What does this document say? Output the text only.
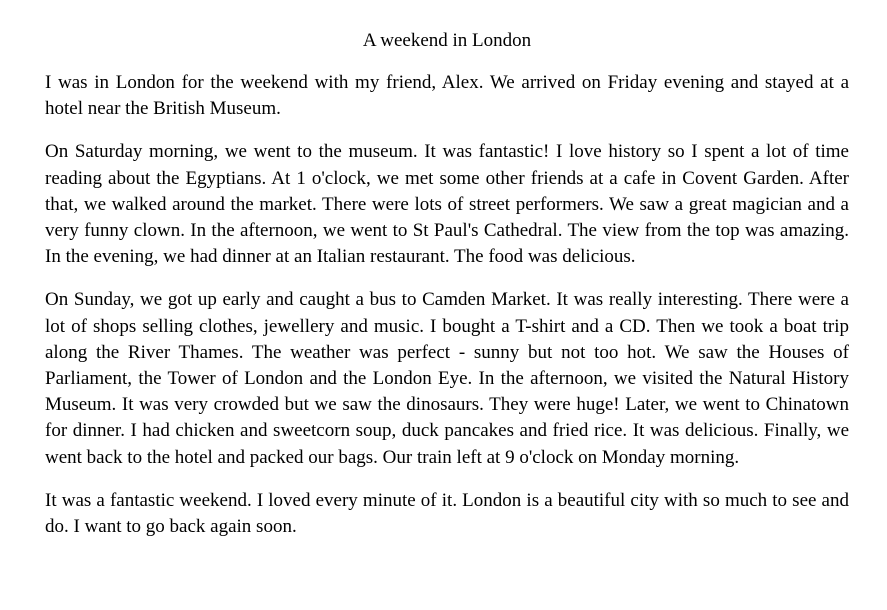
A weekend in London

I was in London for the weekend with my friend, Alex. We arrived on Friday evening and stayed at a hotel near the British Museum.

On Saturday morning, we went to the museum. It was fantastic! I love history so I spent a lot of time reading about the Egyptians. At 1 o'clock, we met some other friends at a cafe in Covent Garden. After that, we walked around the market. There were lots of street performers. We saw a great magician and a very funny clown. In the afternoon, we went to St Paul's Cathedral. The view from the top was amazing. In the evening, we had dinner at an Italian restaurant. The food was delicious.

On Sunday, we got up early and caught a bus to Camden Market. It was really interesting. There were a lot of shops selling clothes, jewellery and music. I bought a T-shirt and a CD. Then we took a boat trip along the River Thames. The weather was perfect - sunny but not too hot. We saw the Houses of Parliament, the Tower of London and the London Eye. In the afternoon, we visited the Natural History Museum. It was very crowded but we saw the dinosaurs. They were huge! Later, we went to Chinatown for dinner. I had chicken and sweetcorn soup, duck pancakes and fried rice. It was delicious. Finally, we went back to the hotel and packed our bags. Our train left at 9 o'clock on Monday morning.

It was a fantastic weekend. I loved every minute of it. London is a beautiful city with so much to see and do. I want to go back again soon.
